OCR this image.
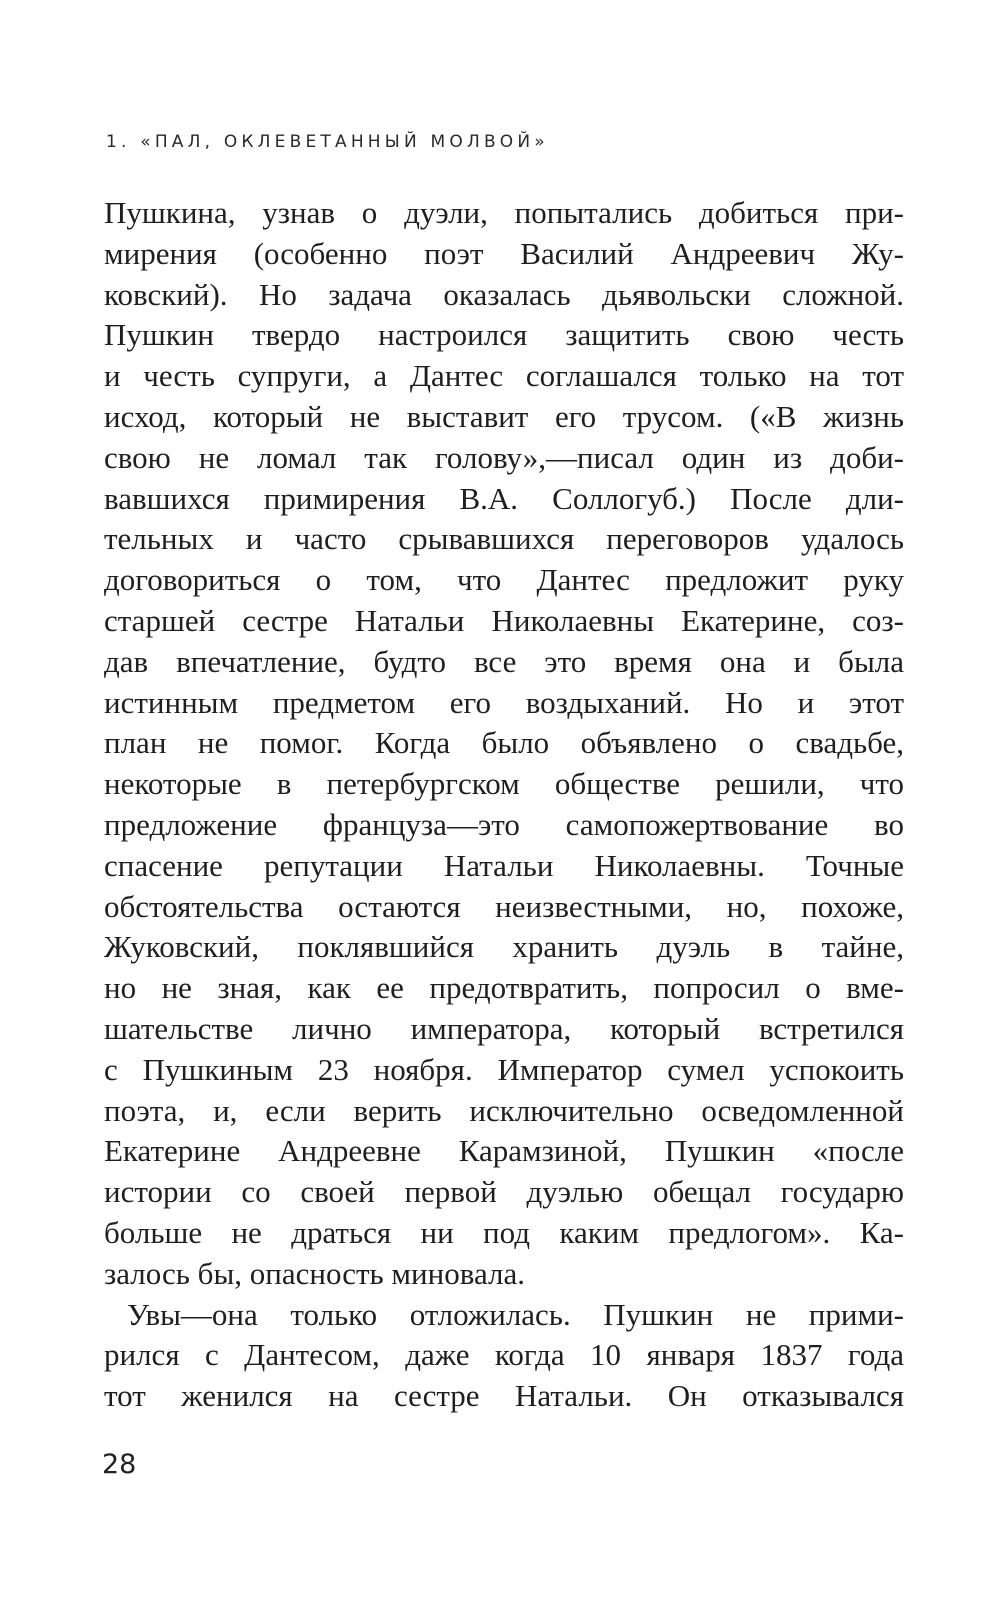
1. «ПАЛ, ОКЛЕВЕТАННЫЙ МОЛВОЙ»
Пушкина, узнав о дуэли, попытались добиться при-
мирения (особенно поэт Василий Андреевич Жу-
ковский). Но задача оказалась дьявольски сложной.
Пушкин твердо настроился защитить свою честь
и честь супруги, а Дантес соглашался только на тот
исход, который не выставит его трусом. («В жизнь
свою не ломал так голову»,—писал один из доби-
вавшихся примирения В.А. Соллогуб.) После дли-
тельных и часто срывавшихся переговоров удалось
договориться о том, что Дантес предложит руку
старшей сестре Натальи Николаевны Екатерине, соз-
дав впечатление, будто все это время она и была
истинным предметом его воздыханий. Но и этот
план не помог. Когда было объявлено о свадьбе,
некоторые в петербургском обществе решили, что
предложение француза—это самопожертвование во
спасение репутации Натальи Николаевны. Точные
обстоятельства остаются неизвестными, но, похоже,
Жуковский, поклявшийся хранить дуэль в тайне,
но не зная, как ее предотвратить, попросил о вме-
шательстве лично императора, который встретился
с Пушкиным 23 ноября. Император сумел успокоить
поэта, и, если верить исключительно осведомленной
Екатерине Андреевне Карамзиной, Пушкин «после
истории со своей первой дуэлью обещал государю
больше не драться ни под каким предлогом». Ка-
залось бы, опасность миновала.
Увы—она только отложилась. Пушкин не прими-
рился с Дантесом, даже когда 10 января 1837 года
тот женился на сестре Натальи. Он отказывался
28
